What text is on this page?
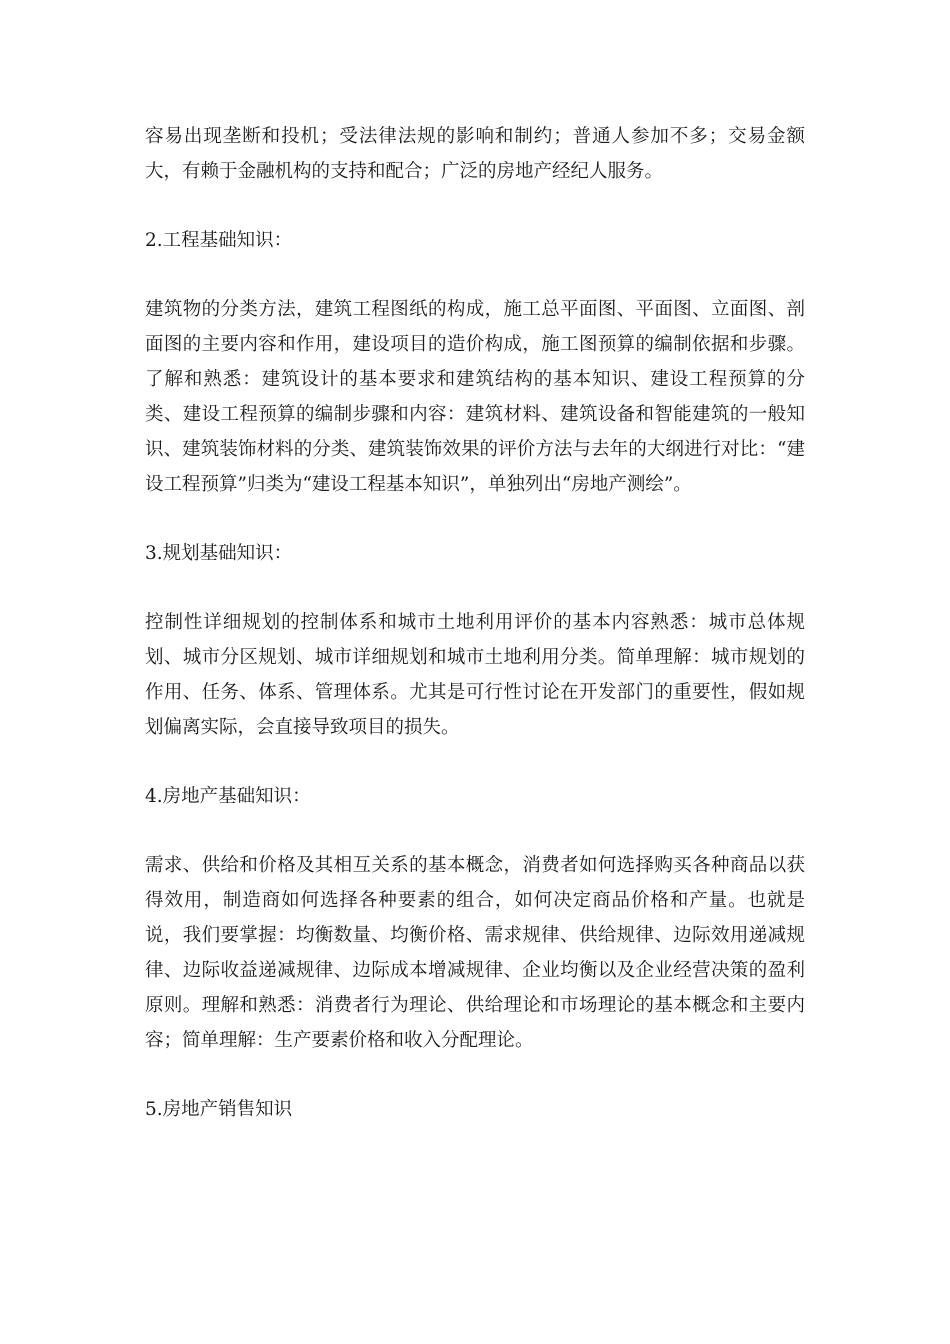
容易出现垄断和投机；受法律法规的影响和制约；普通人参加不多；交易金额大，有赖于金融机构的支持和配合；广泛的房地产经纪人服务。

2.工程基础知识：

建筑物的分类方法，建筑工程图纸的构成，施工总平面图、平面图、立面图、剖面图的主要内容和作用，建设项目的造价构成，施工图预算的编制依据和步骤。了解和熟悉：建筑设计的基本要求和建筑结构的基本知识、建设工程预算的分类、建设工程预算的编制步骤和内容：建筑材料、建筑设备和智能建筑的一般知识、建筑装饰材料的分类、建筑装饰效果的评价方法与去年的大纲进行对比：“建设工程预算”归类为“建设工程基本知识”，单独列出“房地产测绘”。

3.规划基础知识：

控制性详细规划的控制体系和城市土地利用评价的基本内容熟悉：城市总体规划、城市分区规划、城市详细规划和城市土地利用分类。简单理解：城市规划的作用、任务、体系、管理体系。尤其是可行性讨论在开发部门的重要性，假如规划偏离实际，会直接导致项目的损失。

4.房地产基础知识：

需求、供给和价格及其相互关系的基本概念，消费者如何选择购买各种商品以获得效用，制造商如何选择各种要素的组合，如何决定商品价格和产量。也就是说，我们要掌握：均衡数量、均衡价格、需求规律、供给规律、边际效用递减规律、边际收益递减规律、边际成本增减规律、企业均衡以及企业经营决策的盈利原则。理解和熟悉：消费者行为理论、供给理论和市场理论的基本概念和主要内容；简单理解：生产要素价格和收入分配理论。

5.房地产销售知识
